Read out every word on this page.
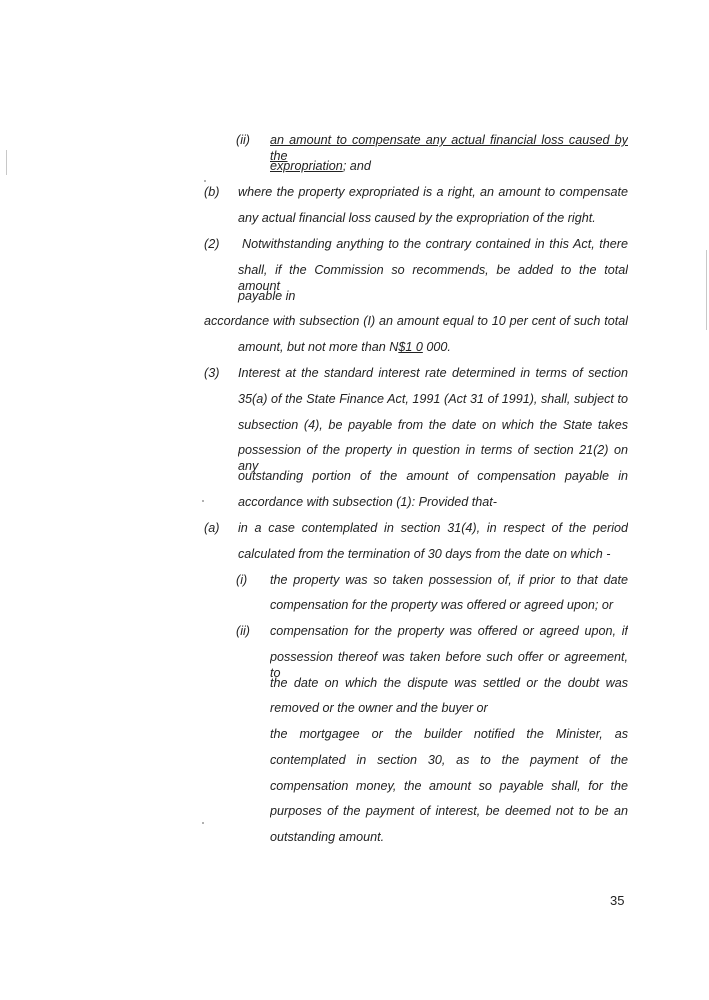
(ii) an amount to compensate any actual financial loss caused by the
expropriation; and
(b) where the property expropriated is a right, an amount to compensate
any actual financial loss caused by the expropriation of the right.
(2) Notwithstanding anything to the contrary contained in this Act, there
shall, if the Commission so recommends, be added to the total amount
payable in
accordance with subsection (I) an amount equal to 10 per cent of such total
amount, but not more than N$1 0 000.
(3) Interest at the standard interest rate determined in terms of section
35(a) of the State Finance Act, 1991 (Act 31 of 1991), shall, subject to
subsection (4), be payable from the date on which the State takes
possession of the property in question in terms of section 21(2) on any
outstanding portion of the amount of compensation payable in
accordance with subsection (1): Provided that-
(a) in a case contemplated in section 31(4), in respect of the period
calculated from the termination of 30 days from the date on which -
(i) the property was so taken possession of, if prior to that date
compensation for the property was offered or agreed upon; or
(ii) compensation for the property was offered or agreed upon, if
possession thereof was taken before such offer or agreement, to
the date on which the dispute was settled or the doubt was
removed or the owner and the buyer or
the mortgagee or the builder notified the Minister, as
contemplated in section 30, as to the payment of the
compensation money, the amount so payable shall, for the
purposes of the payment of interest, be deemed not to be an
outstanding amount.
35
